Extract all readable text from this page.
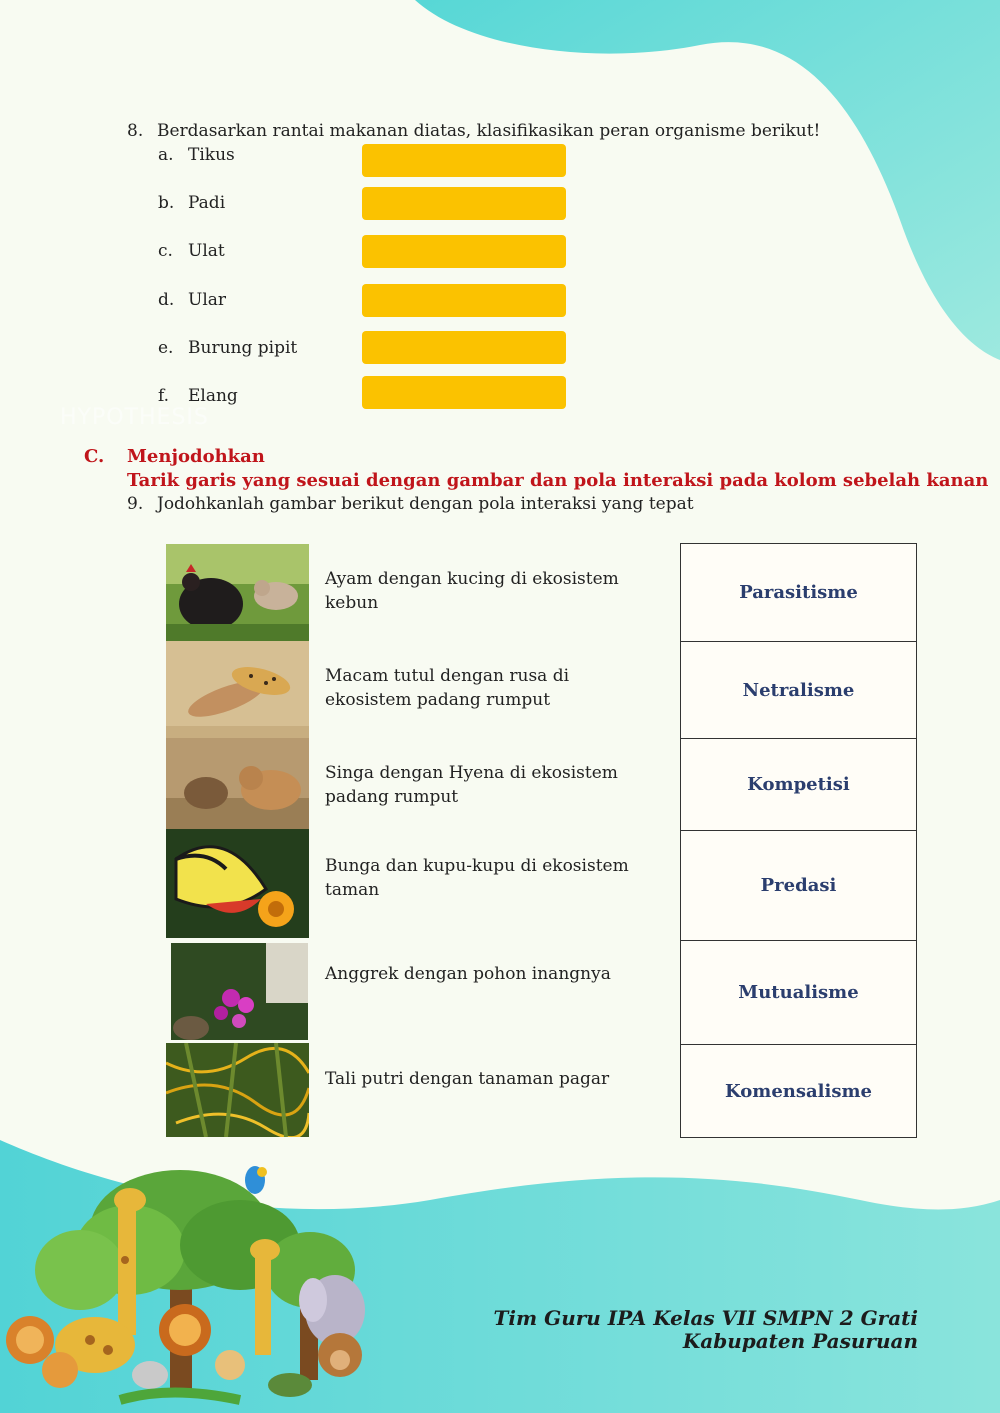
8. Berdasarkan rantai makanan diatas, klasifikasikan peran organisme berikut!
a. Tikus
b. Padi
c. Ulat
d. Ular
e. Burung pipit
f. Elang
HYPOTHESIS
C. Menjodohkan
Tarik garis yang sesuai dengan gambar dan pola interaksi pada kolom sebelah kanan
9. Jodohkanlah gambar berikut dengan pola interaksi yang tepat
Ayam dengan kucing di ekosistem kebun
Macam tutul dengan rusa di ekosistem padang rumput
Singa dengan Hyena di ekosistem padang rumput
Bunga dan kupu-kupu di ekosistem taman
Anggrek dengan pohon inangnya
Tali putri dengan tanaman pagar
Parasitisme
Netralisme
Kompetisi
Predasi
Mutualisme
Komensalisme
Tim Guru IPA Kelas VII SMPN 2 Grati
Kabupaten Pasuruan
